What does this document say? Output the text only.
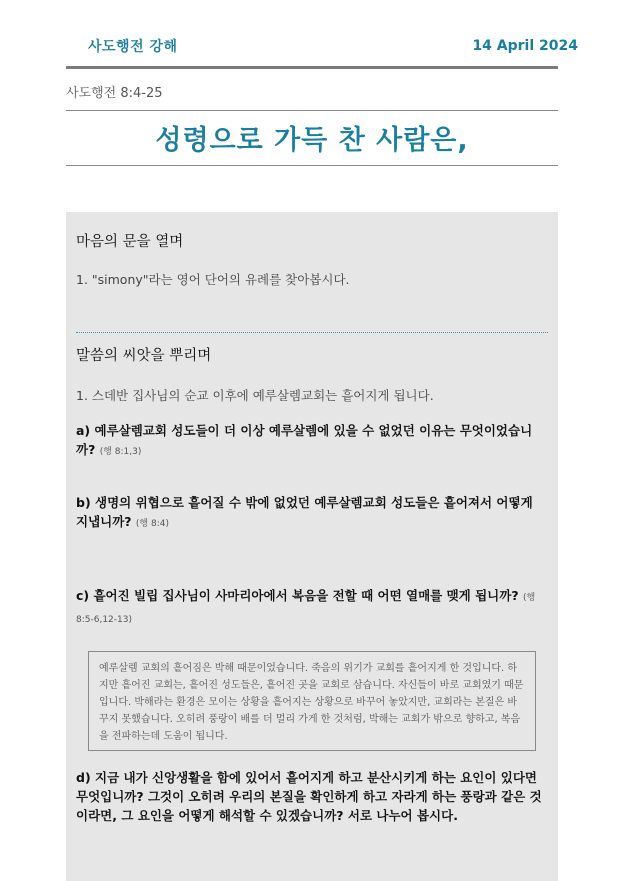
사도행전 강해	14 April 2024
사도행전 8:4-25
성령으로 가득 찬 사람은,
마음의 문을 열며
1. "simony"라는 영어 단어의 유례를 찾아봅시다.
말씀의 씨앗을 뿌리며
1. 스데반 집사님의 순교 이후에 예루살렘교회는 흩어지게 됩니다.
a) 예루살렘교회 성도들이 더 이상 예루살렘에 있을 수 없었던 이유는 무엇이었습니까? (행 8:1,3)
b) 생명의 위협으로 흩어질 수 밖에 없었던 예루살렘교회 성도들은 흩어져서 어떻게 지냅니까? (행 8:4)
c) 흩어진 빌립 집사님이 사마리아에서 복음을 전할 때 어떤 열매를 맺게 됩니까? (행 8:5-6,12-13)
예루살렘 교회의 흩어짐은 박해 때문이었습니다. 죽음의 위기가 교회를 흩어지게 한 것입니다. 하지만 흩어진 교회는, 흩어진 성도들은, 흩어진 곳을 교회로 삼습니다. 자신들이 바로 교회였기 때문입니다. 박해라는 환경은 모이는 상황을 흩어지는 상황으로 바꾸어 놓았지만, 교회라는 본질은 바꾸지 못했습니다. 오히려 풍랑이 배를 더 멀리 가게 한 것처럼, 박해는 교회가 밖으로 향하고, 복음을 전파하는데 도움이 됩니다.
d) 지금 내가 신앙생활을 함에 있어서 흩어지게 하고 분산시키게 하는 요인이 있다면 무엇입니까? 그것이 오히려 우리의 본질을 확인하게 하고 자라게 하는 풍랑과 같은 것이라면, 그 요인을 어떻게 해석할 수 있겠습니까? 서로 나누어 봅시다.
